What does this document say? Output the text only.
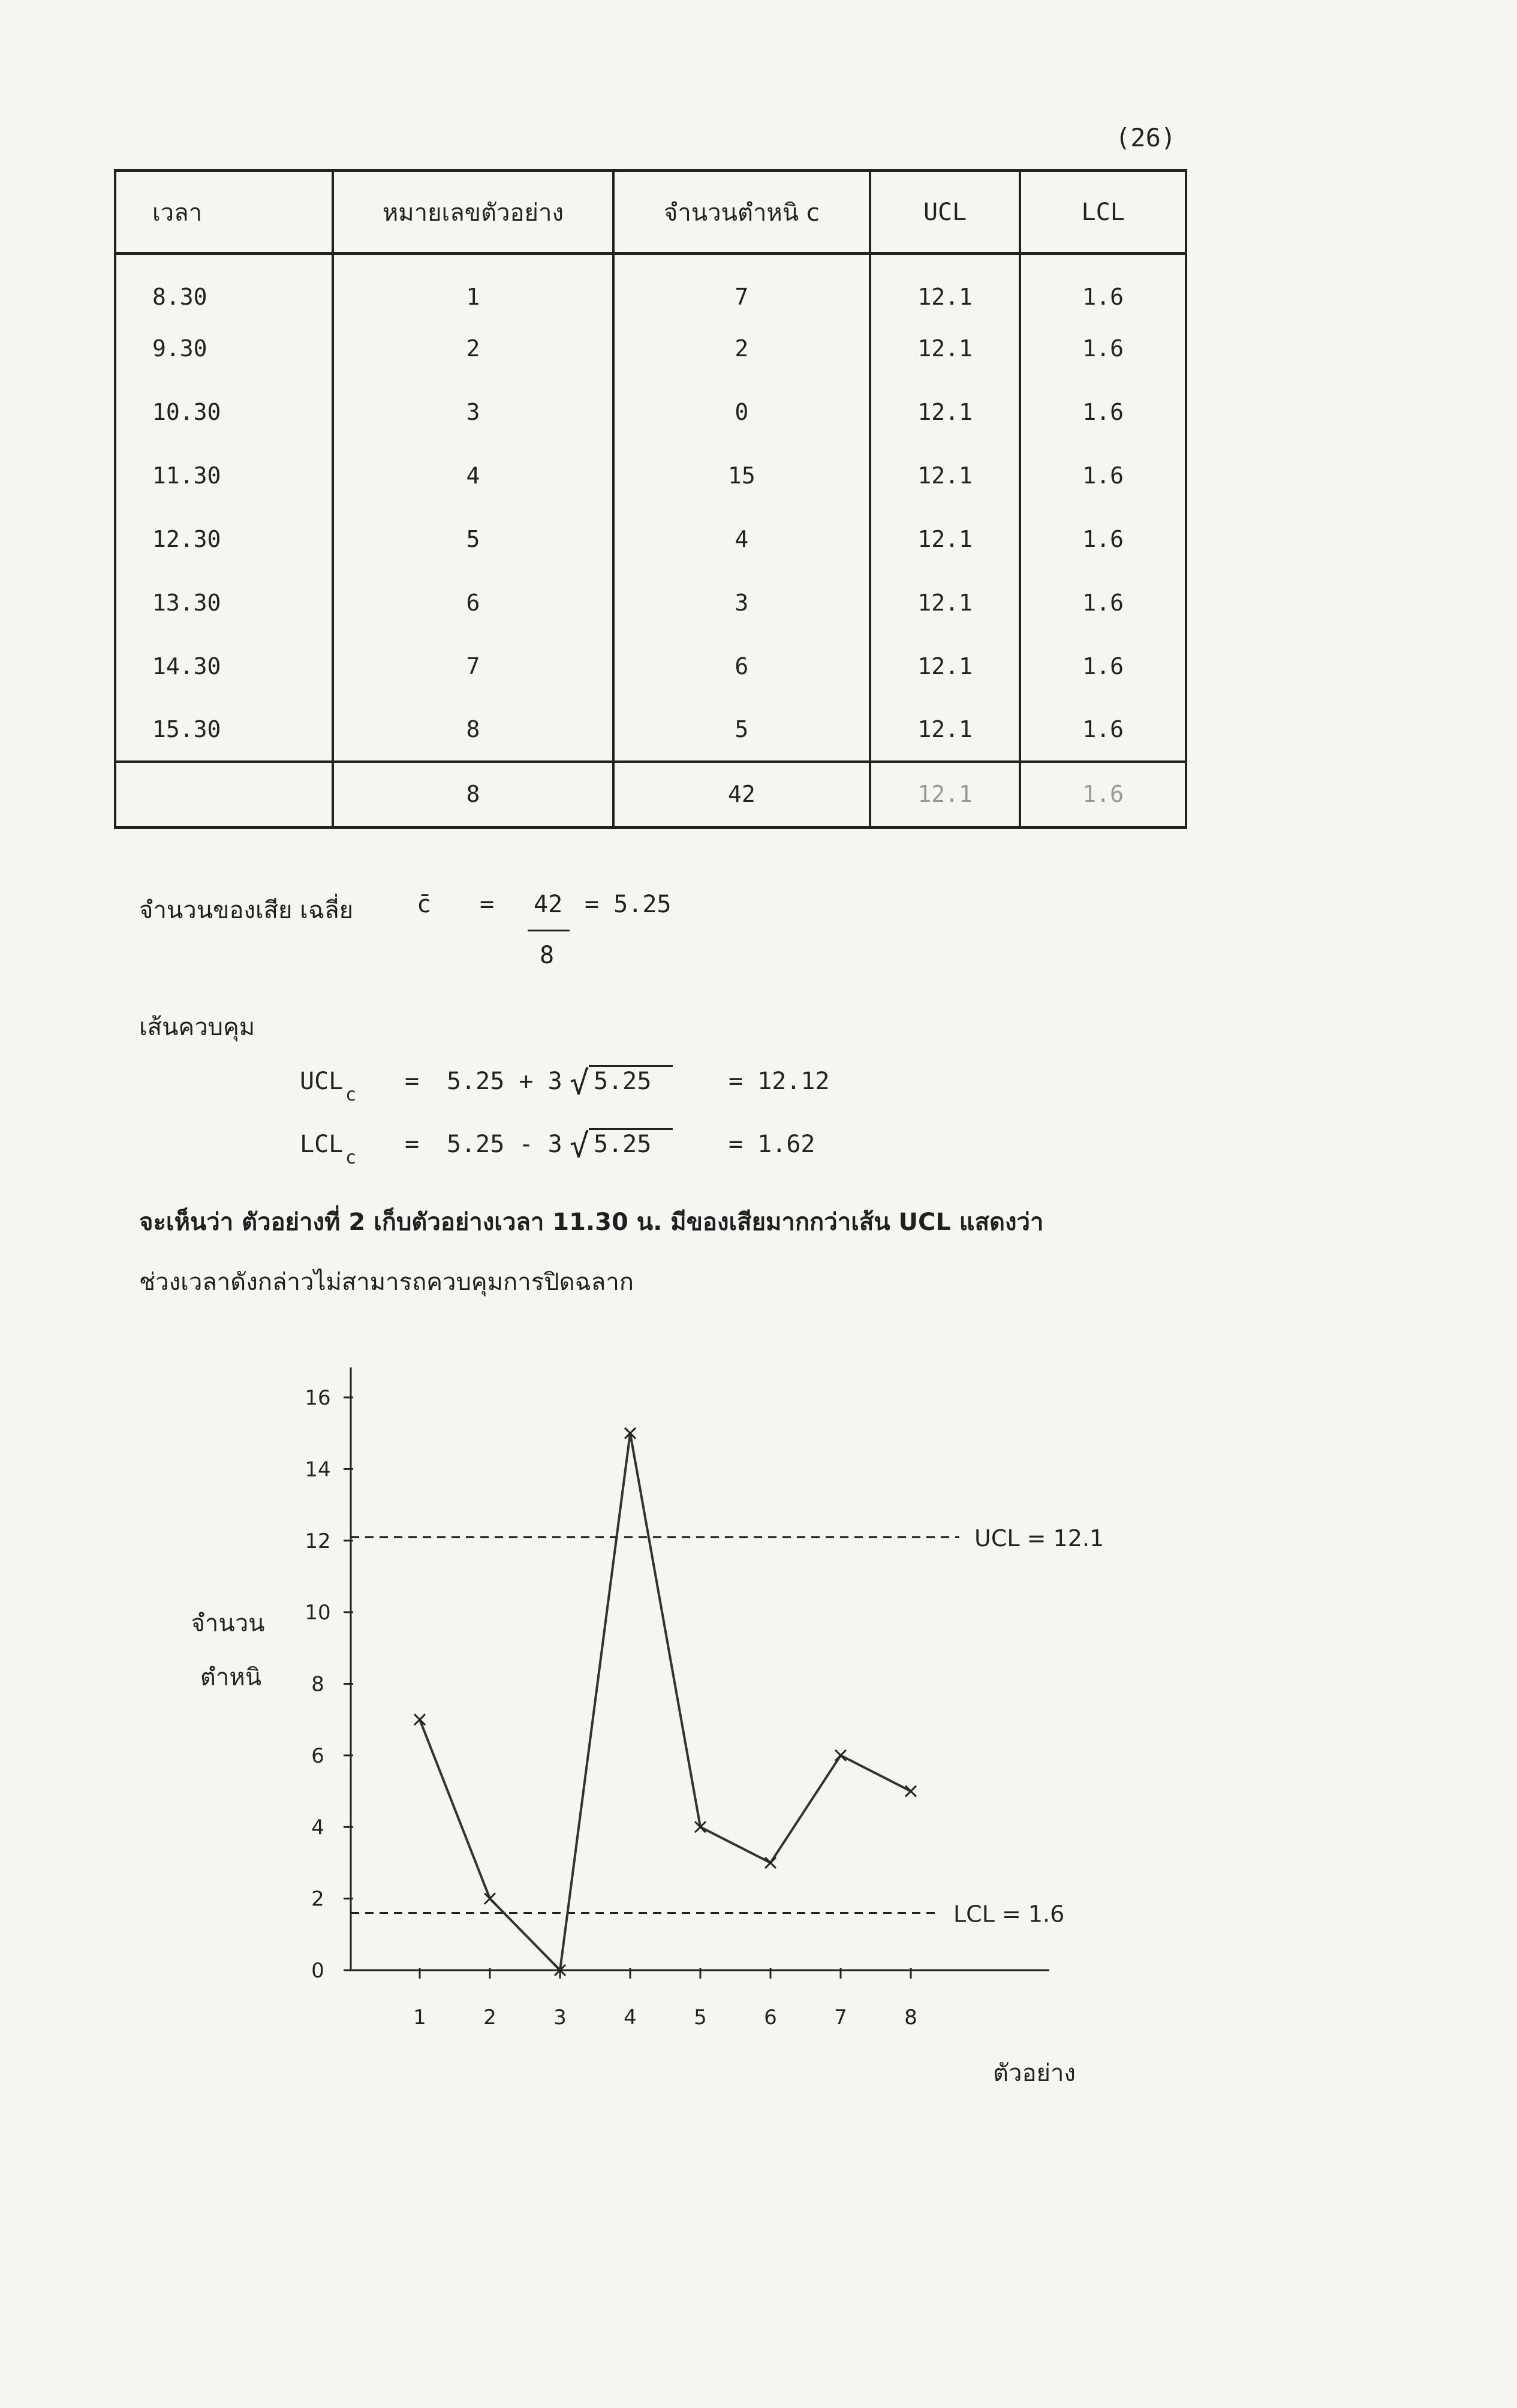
(26)
เวลา	หมายเลขตัวอย่าง	จำนวนตำหนิ c	UCL	LCL
8.30	1	7	12.1	1.6
9.30	2	2	12.1	1.6
10.30	3	0	12.1	1.6
11.30	4	15	12.1	1.6
12.30	5	4	12.1	1.6
13.30	6	3	12.1	1.6
14.30	7	6	12.1	1.6
15.30	8	5	12.1	1.6
	8	42	12.1	1.6
จำนวนของเสีย เฉลี่ย	c̄ = 42
8
= 5.25
เส้นควบคุม
UCL c = 5.25 + 3 √ 5.25	= 12.12
LCL c = 5.25 - 3 √ 5.25	= 1.62
จะเห็นว่า ตัวอย่างที่ 2 เก็บตัวอย่างเวลา 11.30 น. มีของเสียมากกว่าเส้น UCL แสดงว่า
ช่วงเวลาดังกล่าวไม่สามารถควบคุมการปิดฉลาก
0
2
4
6
8
10
12
14
16
1	2	3	4	5	6	7	8
UCL = 12.1
LCL = 1.6
จำนวน
ตำหนิ
ตัวอย่าง
